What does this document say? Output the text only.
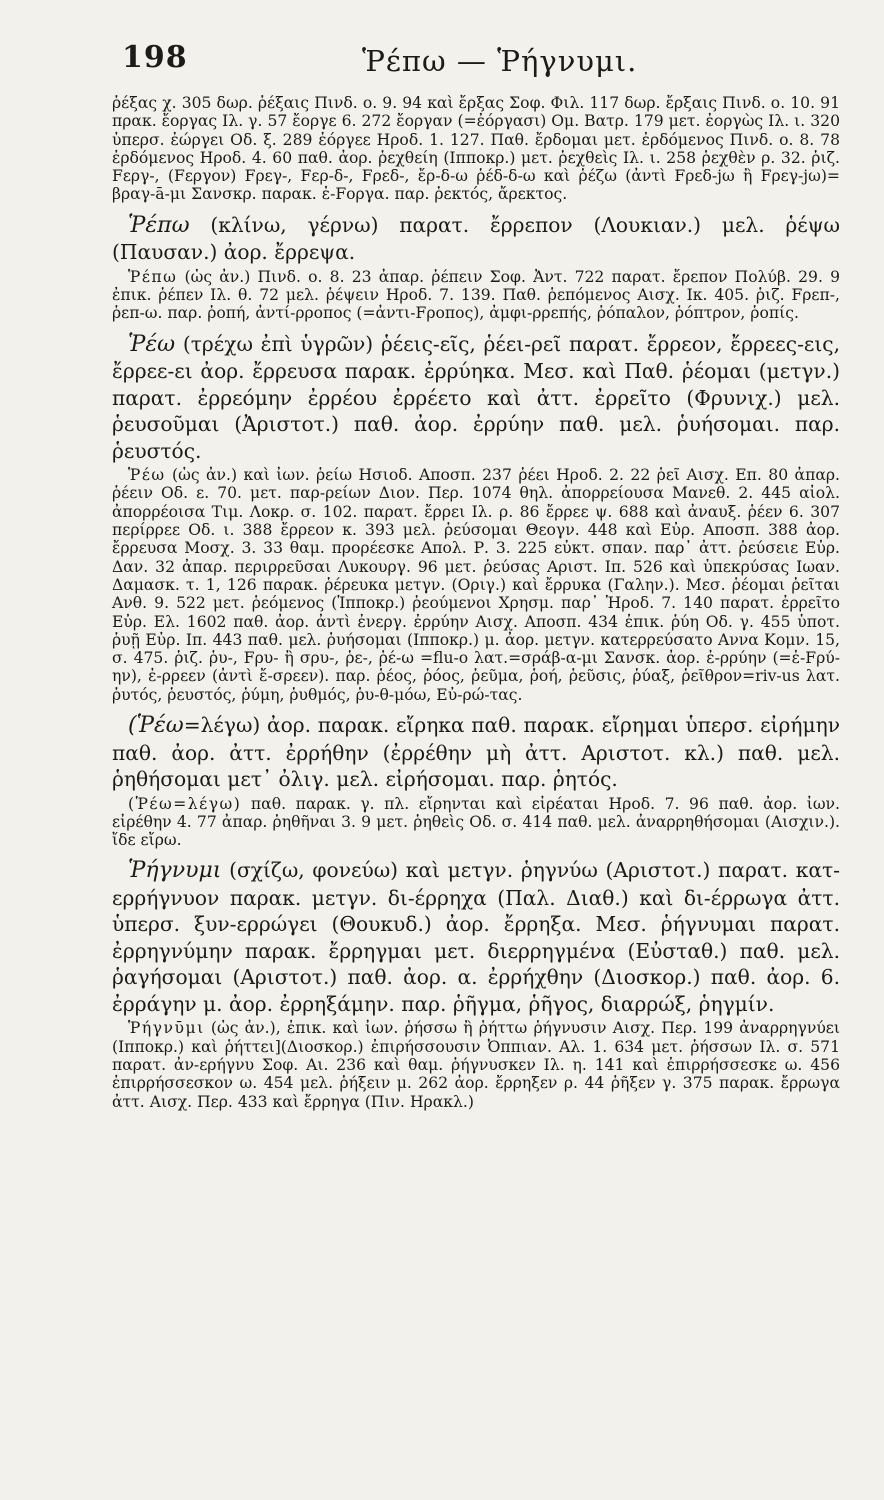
198	Ῥέπω — Ῥήγνυμι.

ῥέξας χ. 305 δωρ. ῥέξαις Πινδ. ο. 9. 94 καὶ ἔρξας Σοφ. Φιλ. 117 δωρ. ἔρξαις Πινδ. ο. 10. 91 πρακ. ἔοργας Ιλ. γ. 57 ἔοργε 6. 272 ἔοργαν (=ἐόργασι) Ομ. Βατρ. 179 μετ. ἐοργὼς Ιλ. ι. 320 ὑπερσ. ἐώργει Οδ. ξ. 289 ἐόργεε Ηροδ. 1. 127. Παθ. ἔρδομαι μετ. ἐρδόμενος Πινδ. ο. 8. 78 ἐρδόμενος Ηροδ. 4. 60 παθ. ἀορ. ῥεχθείη (Ιπποκρ.) μετ. ῥεχθεὶς Ιλ. ι. 258 ῥεχθὲν ρ. 32. ῥιζ. Fεργ-, (Fεργον) Fρεγ-, Fερ-δ-, Fρεδ-, ἔρ-δ-ω ῥέδ-δ-ω καὶ ῥέζω (ἀντὶ Fρεδ-jω ἢ Fρεγ-jω)= βραγ-ā-μι Σανσκρ. παρακ. ἐ-Fοργα. παρ. ῥεκτός, ἄρεκτος.

Ῥέπω (κλίνω, γέρνω) παρατ. ἔρρεπον (Λουκιαν.) μελ. ῥέψω (Παυσαν.) ἀορ. ἔρρεψα.

Ῥέπω (ὡς ἀν.) Πινδ. ο. 8. 23 ἀπαρ. ῥέπειν Σοφ. Ἀντ. 722 παρατ. ἔρεπον Πολύβ. 29. 9 ἐπικ. ῥέπεν Ιλ. θ. 72 μελ. ῥέψειν Ηροδ. 7. 139. Παθ. ῥεπόμενος Αισχ. Ικ. 405. ῥιζ. Fρεπ-, ῥεπ-ω. παρ. ῥοπή, ἀντί-ρροπος (=ἀντι-Fροπος), ἀμφι-ρρεπής, ῥόπαλον, ῥόπτρον, ῥοπίς.

Ῥέω (τρέχω ἐπὶ ὑγρῶν) ῥέεις-εῖς, ῥέει-ρεῖ παρατ. ἔρρεον, ἔρρεες-εις, ἔρρεε-ει ἀορ. ἔρρευσα παρακ. ἐρρύηκα. Μεσ. καὶ Παθ. ῥέομαι (μετγν.) παρατ. ἐρρεόμην ἐρρέου ἐρρέετο καὶ ἀττ. ἐρρεῖτο (Φρυνιχ.) μελ. ῥευσοῦμαι (Ἀριστοτ.) παθ. ἀορ. ἐρρύην παθ. μελ. ῥυήσομαι. παρ. ῥευστός.

Ῥέω (ὡς ἀν.) καὶ ἰων. ῥείω Ησιοδ. Αποσπ. 237 ῥέει Ηροδ. 2. 22 ῥεῖ Αισχ. Επ. 80 ἀπαρ. ῥέειν Οδ. ε. 70. μετ. παρ-ρείων Διον. Περ. 1074 θηλ. ἀπορρείουσα Μανεθ. 2. 445 αἰολ. ἀπορρέοισα Τιμ. Λοκρ. σ. 102. παρατ. ἔρρει Ιλ. ρ. 86 ἔρρεε ψ. 688 καὶ ἀναυξ. ῥέεν 6. 307 περίρρεε Οδ. ι. 388 ἔρρεον κ. 393 μελ. ῥεύσομαι Θεογν. 448 καὶ Εὐρ. Αποσπ. 388 ἀορ. ἔρρευσα Μοσχ. 3. 33 θαμ. προρέεσκε Απολ. Ρ. 3. 225 εὐκτ. σπαν. παρ᾽ ἀττ. ῥεύσειε Εὐρ. Δαν. 32 ἀπαρ. περιρρεῦσαι Λυκουργ. 96 μετ. ῥεύσας Αριστ. Ιπ. 526 καὶ ὑπεκρύσας Ιωαν. Δαμασκ. τ. 1, 126 παρακ. ῥέρευκα μετγν. (Οριγ.) καὶ ἔρρυκα (Γαλην.). Μεσ. ῥέομαι ῥεῖται Ανθ. 9. 522 μετ. ῥεόμενος (Ἱπποκρ.) ῥεούμενοι Χρησμ. παρ᾽ Ἡροδ. 7. 140 παρατ. ἐρρεῖτο Εὐρ. Ελ. 1602 παθ. ἀορ. ἀντὶ ἐνεργ. ἐρρύην Αισχ. Αποσπ. 434 ἐπικ. ῥύη Οδ. γ. 455 ὑποτ. ῥυῇ Εὐρ. Ιπ. 443 παθ. μελ. ῥυήσομαι (Ιπποκρ.) μ. ἀορ. μετγν. κατερρεύσατο Αννα Κομν. 15, σ. 475. ῥιζ. ῥυ-, Fρυ- ἢ σρυ-, ῥε-, ῥέ-ω =flu-o λατ.=σράβ-α-μι Σανσκ. ἀορ. ἐ-ρρύην (=ἐ-Fρύ-ην), ἐ-ρρεεν (ἀντὶ ἔ-σρεεν). παρ. ῥέος, ῥόος, ῥεῦμα, ῥοή, ῥεῦσις, ῥύαξ, ῥεῖθρον=riv-us λατ. ῥυτός, ῥευστός, ῥύμη, ῥυθμός, ῥυ-θ-μόω, Εὐ-ρώ-τας.

(Ῥέω=λέγω) ἀορ. παρακ. εἴρηκα παθ. παρακ. εἴρημαι ὑπερσ. εἰρήμην παθ. ἀορ. ἀττ. ἐρρήθην (ἐρρέθην μὴ ἀττ. Αριστοτ. κλ.) παθ. μελ. ῥηθήσομαι μετ᾽ ὀλιγ. μελ. εἰρήσομαι. παρ. ῥητός.

(Ῥέω=λέγω) παθ. παρακ. γ. πλ. εἴρηνται καὶ εἰρέαται Ηροδ. 7. 96 παθ. ἀορ. ἰων. εἰρέθην 4. 77 ἀπαρ. ῥηθῆναι 3. 9 μετ. ῥηθεὶς Οδ. σ. 414 παθ. μελ. ἀναρρηθήσομαι (Αισχιν.). ἴδε εἴρω.

Ῥήγνυμι (σχίζω, φονεύω) καὶ μετγν. ῥηγνύω (Αριστοτ.) παρατ. κατ-ερρήγνυον παρακ. μετγν. δι-έρρηχα (Παλ. Διαθ.) καὶ δι-έρρωγα ἀττ. ὑπερσ. ξυν-ερρώγει (Θουκυδ.) ἀορ. ἔρρηξα. Μεσ. ῥήγνυμαι παρατ. ἐρρηγνύμην παρακ. ἔρρηγμαι μετ. διερρηγμένα (Εὐσταθ.) παθ. μελ. ῥαγήσομαι (Αριστοτ.) παθ. ἀορ. α. ἐρρήχθην (Διοσκορ.) παθ. ἀορ. 6. ἐρράγην μ. ἀορ. ἐρρηξάμην. παρ. ῥῆγμα, ῥῆγος, διαρρώξ, ῥηγμίν.

Ῥήγνῡμι (ὡς ἀν.), ἐπικ. καὶ ἰων. ῥήσσω ἢ ῥήττω ῥήγνυσιν Αισχ. Περ. 199 ἀναρρηγνύει (Ιπποκρ.) καὶ ῥήττει](Διοσκορ.) ἐπιρήσσουσιν Ὀππιαν. Αλ. 1. 634 μετ. ῥήσσων Ιλ. σ. 571 παρατ. ἀν-ερήγνυ Σοφ. Αι. 236 καὶ θαμ. ῥήγνυσκεν Ιλ. η. 141 καὶ ἐπιρρήσσεσκε ω. 456 ἐπιρρήσσεσκον ω. 454 μελ. ῥήξειν μ. 262 ἀορ. ἔρρηξεν ρ. 44 ῥῆξεν γ. 375 παρακ. ἔρρωγα ἀττ. Αισχ. Περ. 433 καὶ ἔρρηγα (Πιν. Ηρακλ.)
